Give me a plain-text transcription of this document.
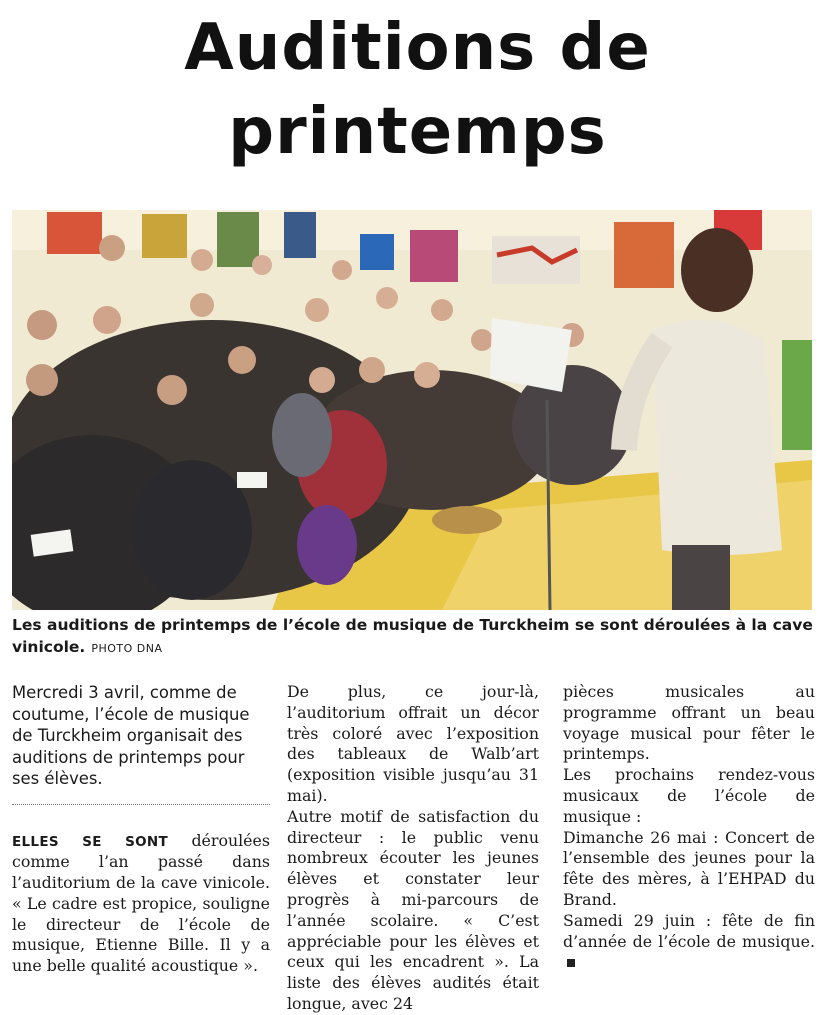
Auditions de
printemps
Les auditions de printemps de l’école de musique de Turckheim se sont déroulées à la cave vinicole. PHOTO DNA

Mercredi 3 avril, comme de coutume, l’école de musique de Turckheim organisait des auditions de printemps pour ses élèves.

ELLES SE SONT déroulées comme l’an passé dans l’auditorium de la cave vinicole. « Le cadre est propice, souligne le directeur de l’école de musique, Etienne Bille. Il y a une belle qualité acoustique ».

De plus, ce jour-là, l’auditorium offrait un décor très coloré avec l’exposition des tableaux de Walb’art (exposition visible jusqu’au 31 mai).

Autre motif de satisfaction du directeur : le public venu nombreux écouter les jeunes élèves et constater leur progrès à mi-parcours de l’année scolaire. « C’est appréciable pour les élèves et ceux qui les encadrent ». La liste des élèves audités était longue, avec 24

pièces musicales au programme offrant un beau voyage musical pour fêter le printemps.

Les prochains rendez-vous musicaux de l’école de musique :

Dimanche 26 mai : Concert de l’ensemble des jeunes pour la fête des mères, à l’EHPAD du Brand.

Samedi 29 juin : fête de fin d’année de l’école de musique.
